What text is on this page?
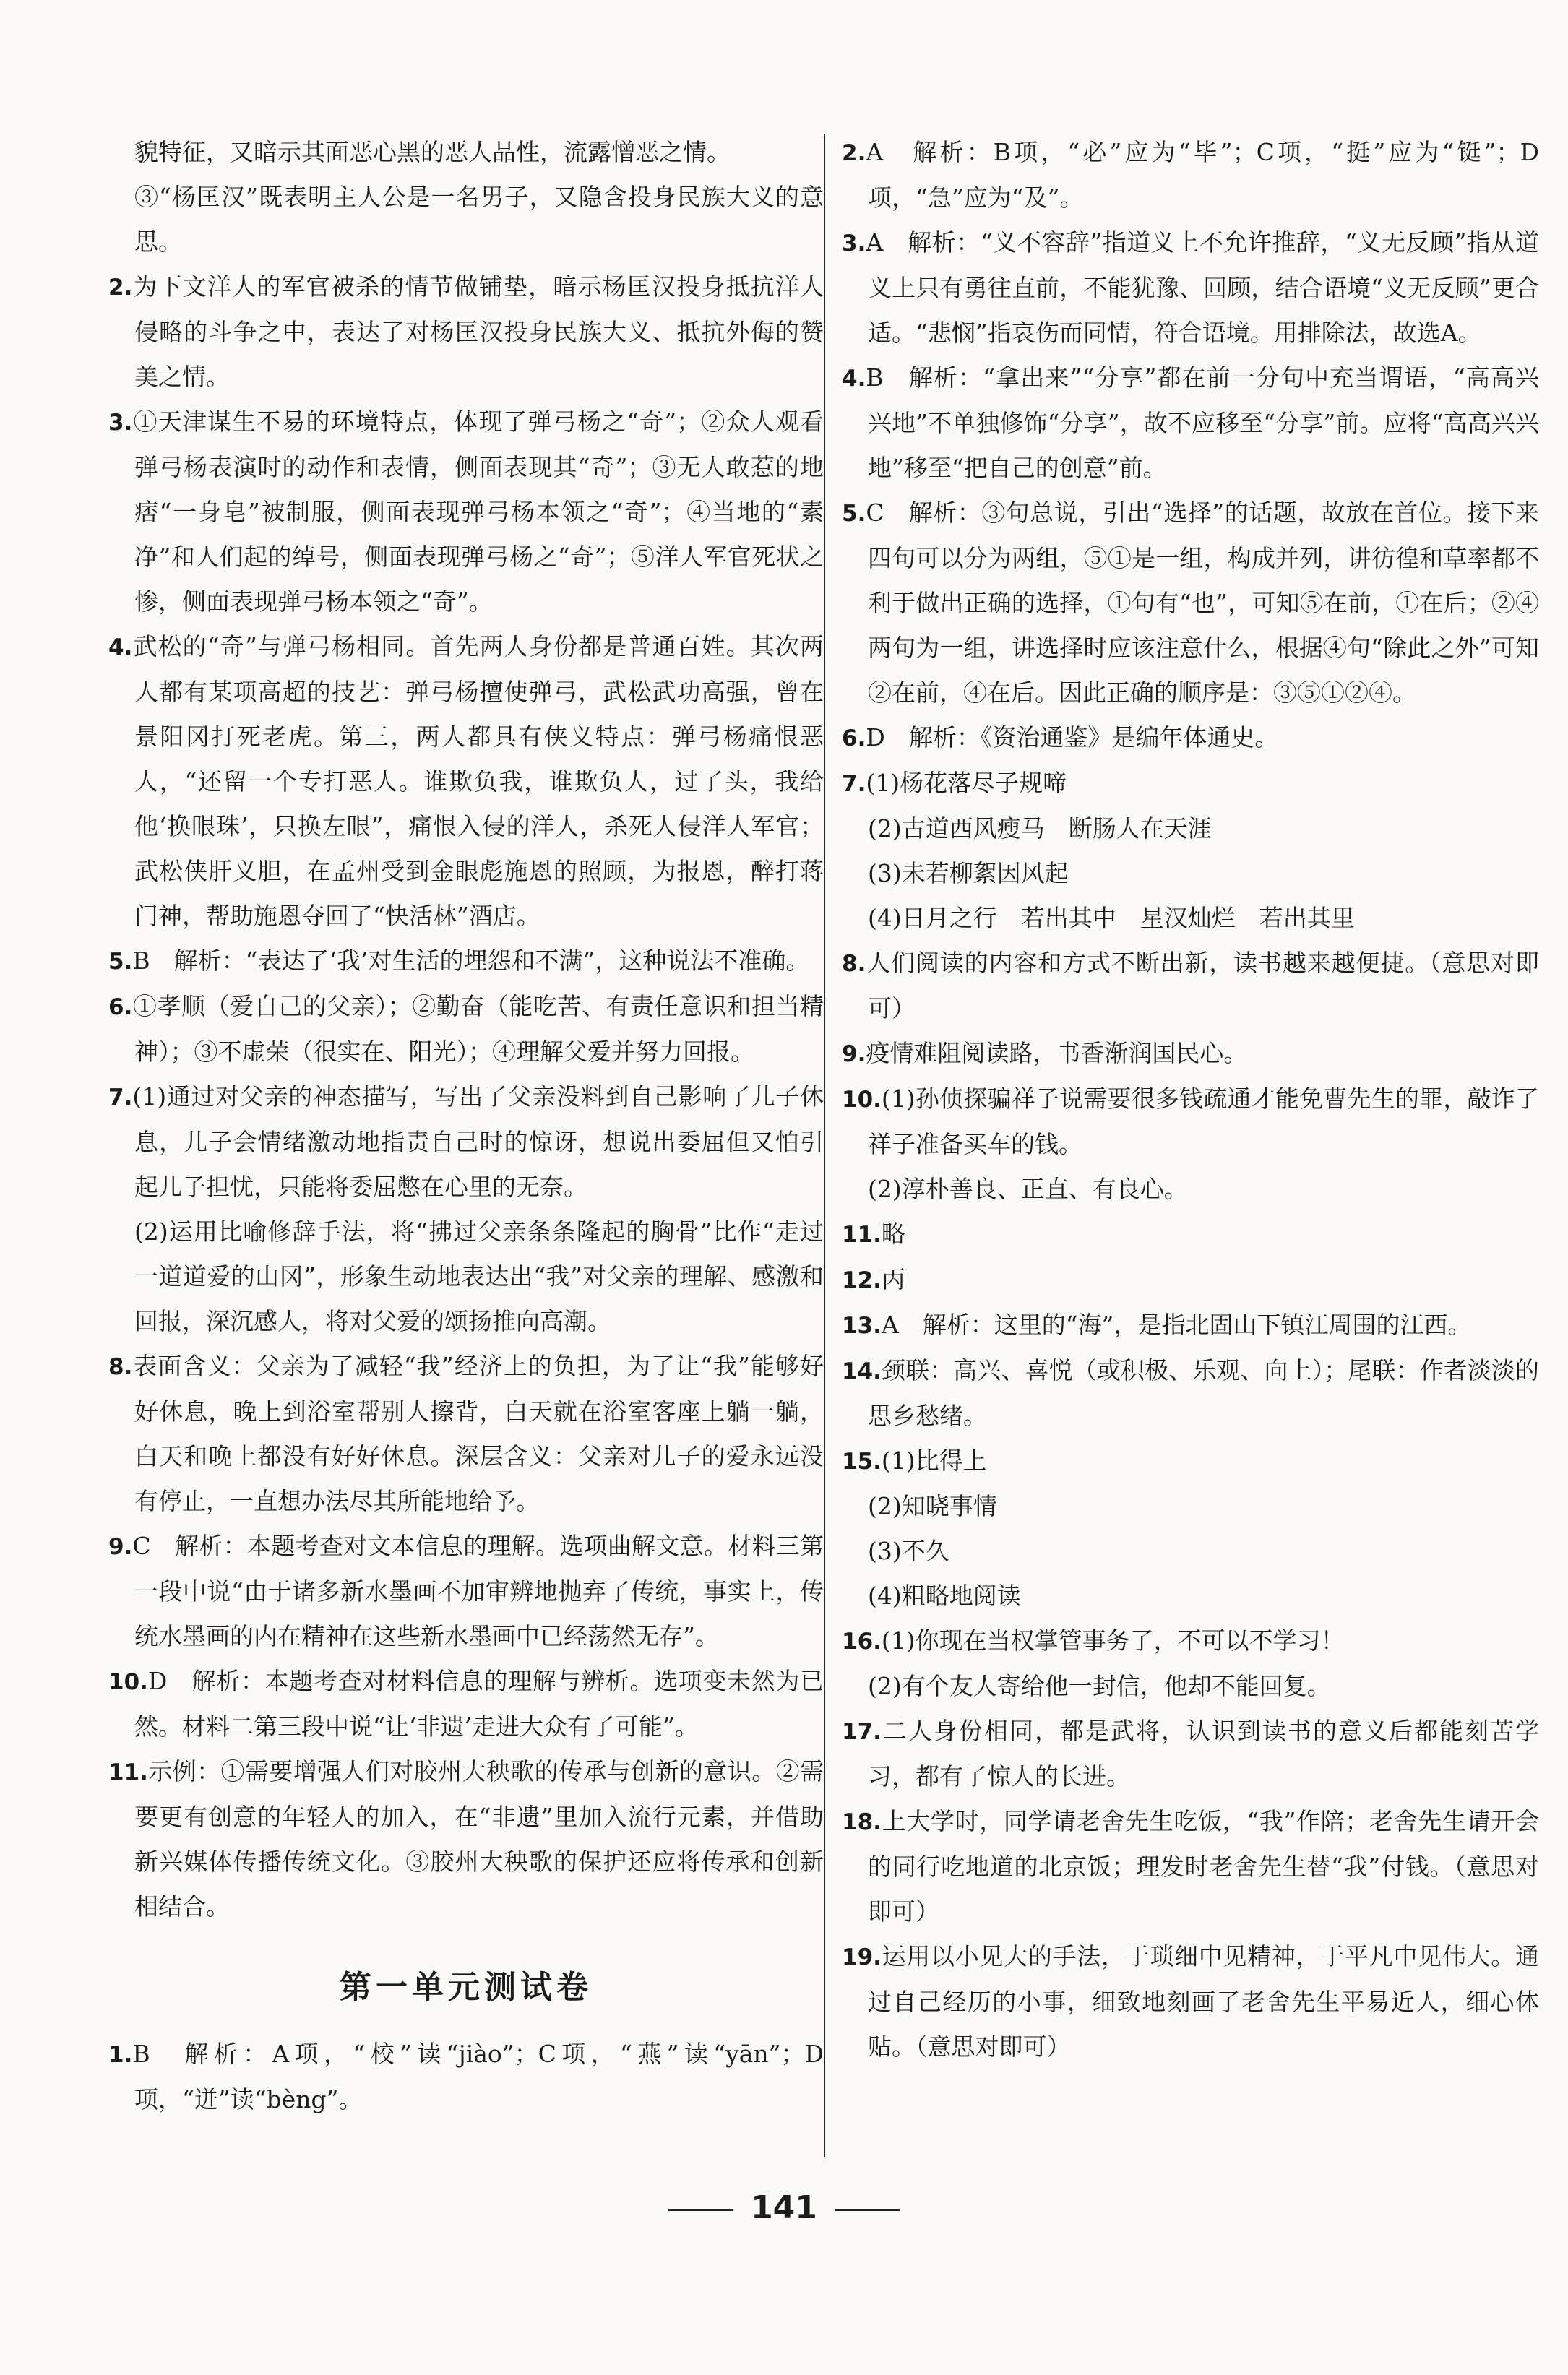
貌特征，又暗示其面恶心黑的恶人品性，流露憎恶之情。
③“杨匡汉”既表明主人公是一名男子，又隐含投身民族大义的意思。
2.为下文洋人的军官被杀的情节做铺垫，暗示杨匡汉投身抵抗洋人侵略的斗争之中，表达了对杨匡汉投身民族大义、抵抗外侮的赞美之情。
3.①天津谋生不易的环境特点，体现了弹弓杨之“奇”；②众人观看弹弓杨表演时的动作和表情，侧面表现其“奇”；③无人敢惹的地痞“一身皂”被制服，侧面表现弹弓杨本领之“奇”；④当地的“素净”和人们起的绰号，侧面表现弹弓杨之“奇”；⑤洋人军官死状之惨，侧面表现弹弓杨本领之“奇”。
4.武松的“奇”与弹弓杨相同。首先两人身份都是普通百姓。其次两人都有某项高超的技艺：弹弓杨擅使弹弓，武松武功高强，曾在景阳冈打死老虎。第三，两人都具有侠义特点：弹弓杨痛恨恶人，“还留一个专打恶人。谁欺负我，谁欺负人，过了头，我给他‘换眼珠’，只换左眼”，痛恨入侵的洋人，杀死人侵洋人军官；武松侠肝义胆，在孟州受到金眼彪施恩的照顾，为报恩，醉打蒋门神，帮助施恩夺回了“快活林”酒店。
5.B　解析：“表达了‘我’对生活的埋怨和不满”，这种说法不准确。
6.①孝顺（爱自己的父亲）；②勤奋（能吃苦、有责任意识和担当精神）；③不虚荣（很实在、阳光）；④理解父爱并努力回报。
7.(1)通过对父亲的神态描写，写出了父亲没料到自己影响了儿子休息，儿子会情绪激动地指责自己时的惊讶，想说出委屈但又怕引起儿子担忧，只能将委屈憋在心里的无奈。
(2)运用比喻修辞手法，将“拂过父亲条条隆起的胸骨”比作“走过一道道爱的山冈”，形象生动地表达出“我”对父亲的理解、感激和回报，深沉感人，将对父爱的颂扬推向高潮。
8.表面含义：父亲为了减轻“我”经济上的负担，为了让“我”能够好好休息，晚上到浴室帮别人擦背，白天就在浴室客座上躺一躺，白天和晚上都没有好好休息。深层含义：父亲对儿子的爱永远没有停止，一直想办法尽其所能地给予。
9.C　解析：本题考查对文本信息的理解。选项曲解文意。材料三第一段中说“由于诸多新水墨画不加审辨地抛弃了传统，事实上，传统水墨画的内在精神在这些新水墨画中已经荡然无存”。
10.D　解析：本题考查对材料信息的理解与辨析。选项变未然为已然。材料二第三段中说“让‘非遗’走进大众有了可能”。
11.示例：①需要增强人们对胶州大秧歌的传承与创新的意识。②需要更有创意的年轻人的加入，在“非遗”里加入流行元素，并借助新兴媒体传播传统文化。③胶州大秧歌的保护还应将传承和创新相结合。
第一单元测试卷
1.B　解析：A项，“校”读“jiào”；C项，“燕”读“yān”；D项，“迸”读“bèng”。
2.A　解析：B项，“必”应为“毕”；C项，“挺”应为“铤”；D项，“急”应为“及”。
3.A　解析：“义不容辞”指道义上不允许推辞，“义无反顾”指从道义上只有勇往直前，不能犹豫、回顾，结合语境“义无反顾”更合适。“悲悯”指哀伤而同情，符合语境。用排除法，故选A。
4.B　解析：“拿出来”“分享”都在前一分句中充当谓语，“高高兴兴地”不单独修饰“分享”，故不应移至“分享”前。应将“高高兴兴地”移至“把自己的创意”前。
5.C　解析：③句总说，引出“选择”的话题，故放在首位。接下来四句可以分为两组，⑤①是一组，构成并列，讲彷徨和草率都不利于做出正确的选择，①句有“也”，可知⑤在前，①在后；②④两句为一组，讲选择时应该注意什么，根据④句“除此之外”可知②在前，④在后。因此正确的顺序是：③⑤①②④。
6.D　解析：《资治通鉴》是编年体通史。
7.(1)杨花落尽子规啼
(2)古道西风瘦马　断肠人在天涯
(3)未若柳絮因风起
(4)日月之行　若出其中　星汉灿烂　若出其里
8.人们阅读的内容和方式不断出新，读书越来越便捷。（意思对即可）
9.疫情难阻阅读路，书香渐润国民心。
10.(1)孙侦探骗祥子说需要很多钱疏通才能免曹先生的罪，敲诈了祥子准备买车的钱。
(2)淳朴善良、正直、有良心。
11.略
12.丙
13.A　解析：这里的“海”，是指北固山下镇江周围的江西。
14.颈联：高兴、喜悦（或积极、乐观、向上）；尾联：作者淡淡的思乡愁绪。
15.(1)比得上
(2)知晓事情
(3)不久
(4)粗略地阅读
16.(1)你现在当权掌管事务了，不可以不学习！
(2)有个友人寄给他一封信，他却不能回复。
17.二人身份相同，都是武将，认识到读书的意义后都能刻苦学习，都有了惊人的长进。
18.上大学时，同学请老舍先生吃饭，“我”作陪；老舍先生请开会的同行吃地道的北京饭；理发时老舍先生替“我”付钱。（意思对即可）
19.运用以小见大的手法，于琐细中见精神，于平凡中见伟大。通过自己经历的小事，细致地刻画了老舍先生平易近人，细心体贴。（意思对即可）
141
